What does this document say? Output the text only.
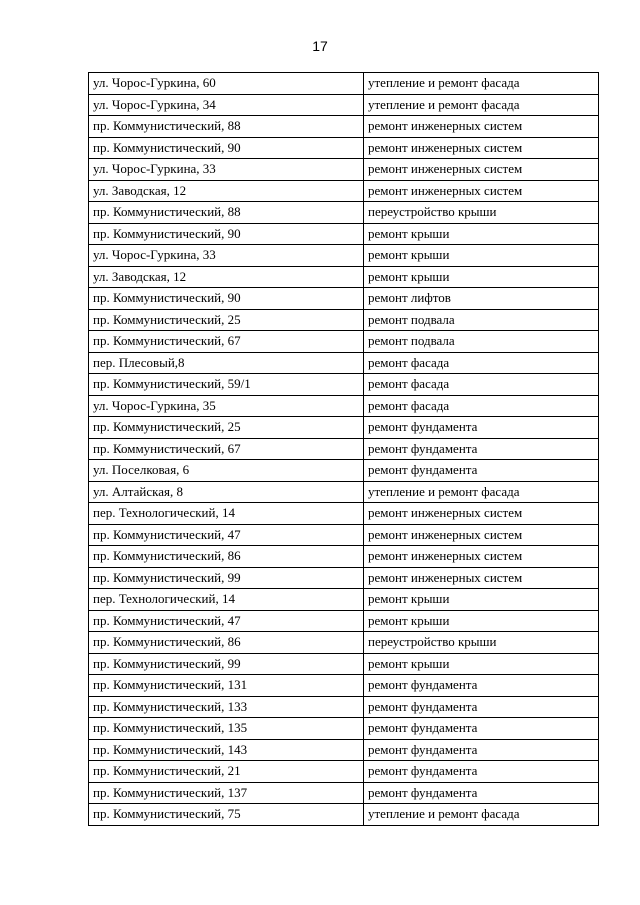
17
ул. Чорос-Гуркина, 60	утепление и ремонт фасада
ул. Чорос-Гуркина, 34	утепление и ремонт фасада
пр. Коммунистический, 88	ремонт инженерных систем
пр. Коммунистический, 90	ремонт инженерных систем
ул. Чорос-Гуркина, 33	ремонт инженерных систем
ул. Заводская, 12	ремонт инженерных систем
пр. Коммунистический, 88	переустройство крыши
пр. Коммунистический, 90	ремонт крыши
ул. Чорос-Гуркина, 33	ремонт крыши
ул. Заводская, 12	ремонт крыши
пр. Коммунистический, 90	ремонт лифтов
пр. Коммунистический, 25	ремонт подвала
пр. Коммунистический, 67	ремонт подвала
пер. Плесовый,8	ремонт фасада
пр. Коммунистический, 59/1	ремонт фасада
ул. Чорос-Гуркина, 35	ремонт фасада
пр. Коммунистический, 25	ремонт фундамента
пр. Коммунистический, 67	ремонт фундамента
ул. Поселковая, 6	ремонт фундамента
ул. Алтайская, 8	утепление и ремонт фасада
пер. Технологический, 14	ремонт инженерных систем
пр. Коммунистический, 47	ремонт инженерных систем
пр. Коммунистический, 86	ремонт инженерных систем
пр. Коммунистический, 99	ремонт инженерных систем
пер. Технологический, 14	ремонт крыши
пр. Коммунистический, 47	ремонт крыши
пр. Коммунистический, 86	переустройство крыши
пр. Коммунистический, 99	ремонт крыши
пр. Коммунистический, 131	ремонт фундамента
пр. Коммунистический, 133	ремонт фундамента
пр. Коммунистический, 135	ремонт фундамента
пр. Коммунистический, 143	ремонт фундамента
пр. Коммунистический, 21	ремонт фундамента
пр. Коммунистический, 137	ремонт фундамента
пр. Коммунистический, 75	утепление и ремонт фасада
